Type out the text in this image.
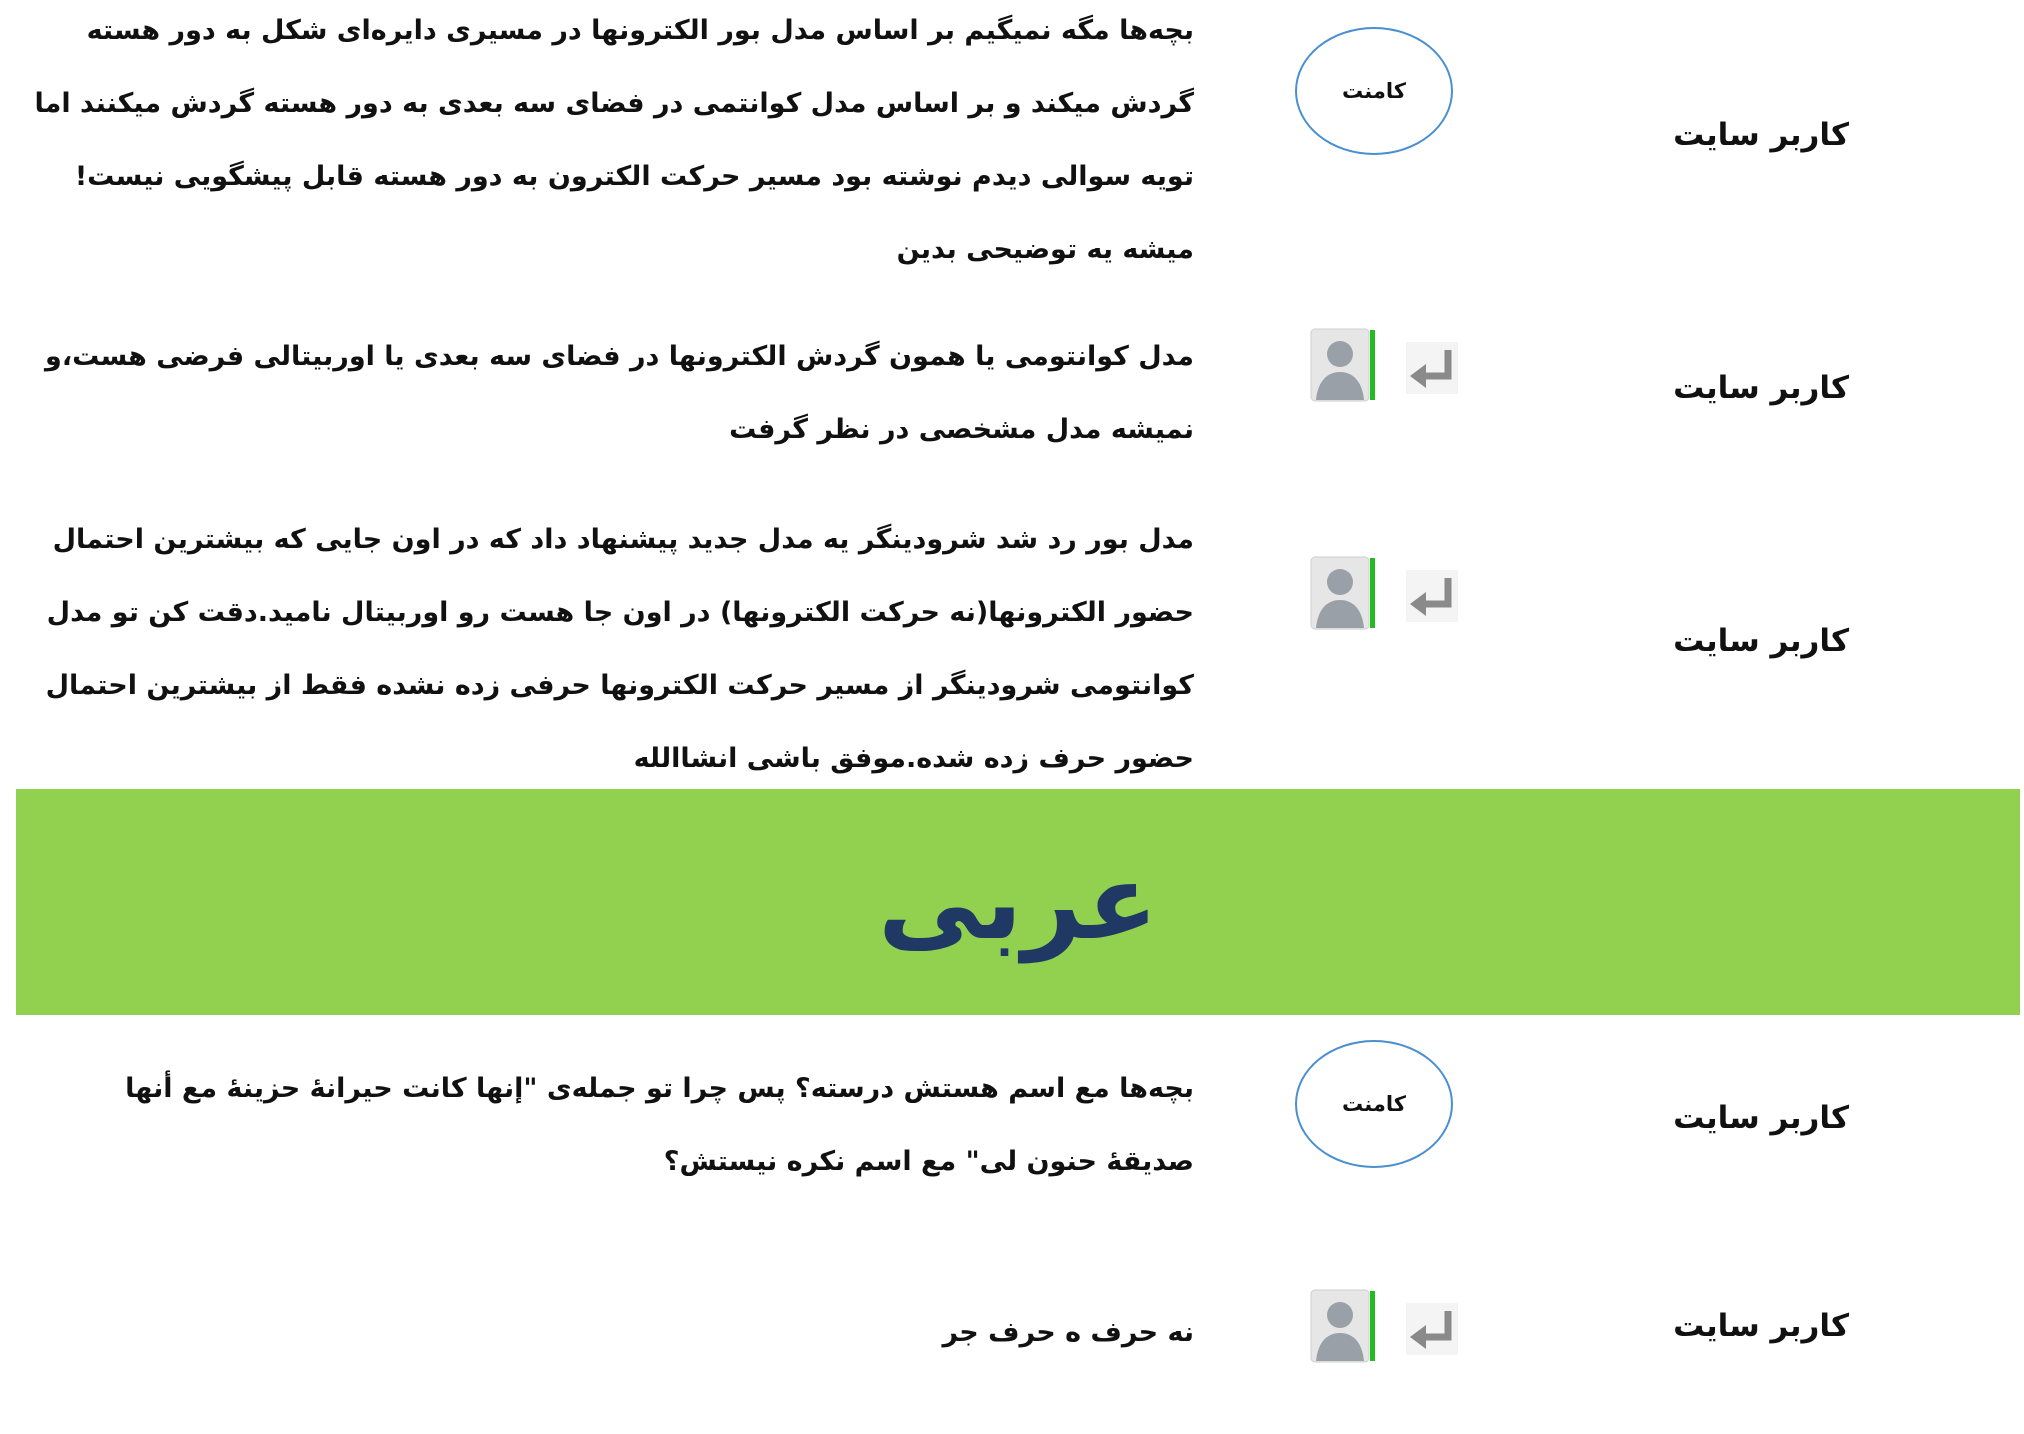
کاربر سایت
کامنت

بچه‌ها مگه نمیگیم بر اساس مدل بور الکترونها در مسیری دایره‌ای شکل به دور هسته گردش میکند و بر اساس مدل کوانتمی در فضای سه بعدی به دور هسته گردش میکنند اما تویه سوالی دیدم نوشته بود مسیر حرکت الکترون به دور هسته قابل پیشگویی نیست!میشه یه توضیحی بدین

کاربر سایت

مدل کوانتومی یا همون گردش الکترونها در فضای سه بعدی یا اوربیتالی فرضی هست،و نمیشه مدل مشخصی در نظر گرفت

کاربر سایت

مدل بور رد شد شرودینگر یه مدل جدید پیشنهاد داد که در اون جایی که بیشترین احتمال حضور الکترونها(نه حرکت الکترونها) در اون جا هست رو اوربیتال نامید.دقت کن تو مدل کوانتومی شرودینگر از مسیر حرکت الکترونها حرفی زده نشده فقط از بیشترین احتمال حضور حرف زده شده.موفق باشی انشاالله

عربی
کاربر سایت
کامنت

بچه‌ها مع اسم هستش درسته؟ پس چرا تو جمله‌ی "إنها کانت حیرانهٔ حزینهٔ مع أنها صدیقهٔ حنون لی" مع اسم نکره نیستش؟

کاربر سایت

نه حرف ه حرف جر
